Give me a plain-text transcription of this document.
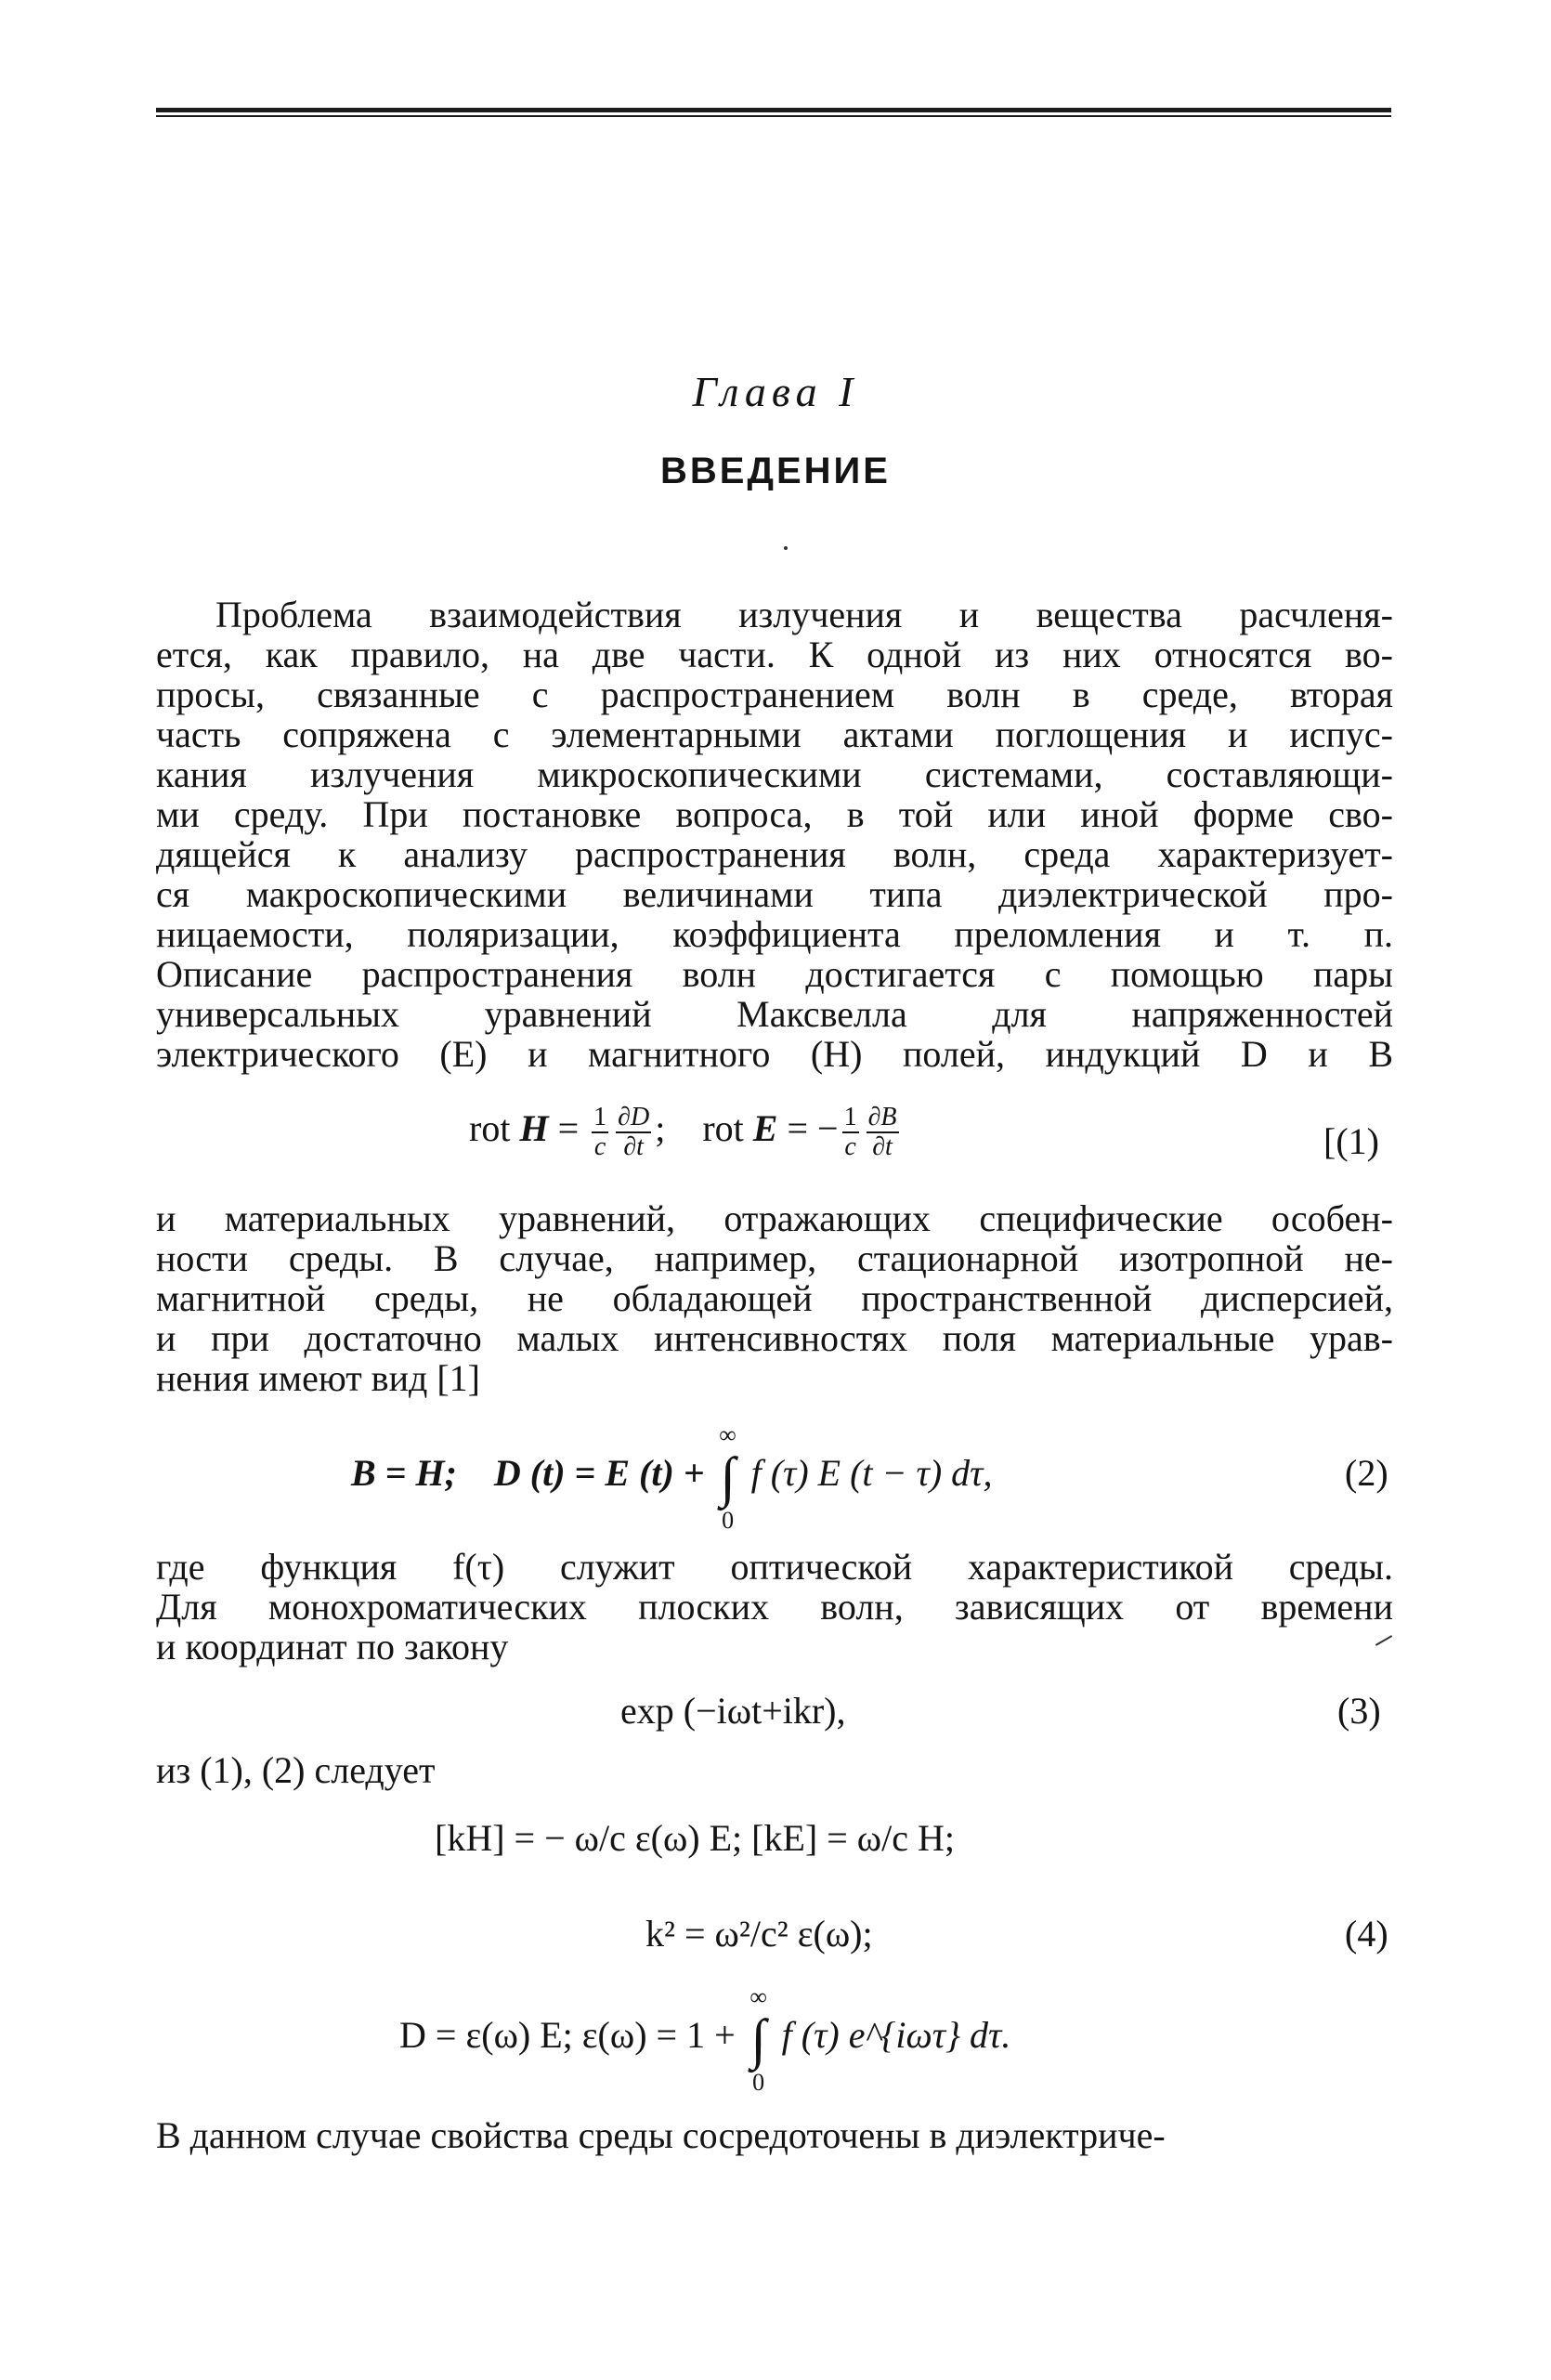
Глава I
ВВЕДЕНИЕ
Проблема взаимодействия излучения и вещества расчленя-
ется, как правило, на две части. К одной из них относятся во-
просы, связанные с распространением волн в среде, вторая
часть сопряжена с элементарными актами поглощения и испус-
кания излучения микроскопическими системами, составляющи-
ми среду. При постановке вопроса, в той или иной форме сво-
дящейся к анализу распространения волн, среда характеризует-
ся макроскопическими величинами типа диэлектрической про-
ницаемости, поляризации, коэффициента преломления и т. п.
Описание распространения волн достигается с помощью пары
универсальных уравнений Максвелла для напряженностей
электрического (E) и магнитного (H) полей, индукций D и B
rot $H = \frac{1}{c} \frac{\partial D}{\partial t}$ ; rot E = − $\frac{1}{c} \frac{\partial B}{\partial t}$	[(1)
и материальных уравнений, отражающих специфические особен-
ности среды. В случае, например, стационарной изотропной не-
магнитной среды, не обладающей пространственной дисперсией,
и при достаточно малых интенсивностях поля материальные урав-
нения имеют вид [1]
B = H; D (t) = E (t) + ∫
∞
0
f (τ) E (t − τ) dτ,	(2)
где функция f(τ) служит оптической характеристикой среды.
Для монохроматических плоских волн, зависящих от времени
и координат по закону
exp (−iωt+ikr),	(3)
из (1), (2) следует
[kH] = − ω/c ε(ω) E; [kE] = ω/c H;
k² = ω²/c² ε(ω);	(4)
D = ε(ω) E; ε(ω) = 1 + ∫
∞
0
f (τ) e^{iωτ} dτ.
В данном случае свойства среды сосредоточены в диэлектриче-
